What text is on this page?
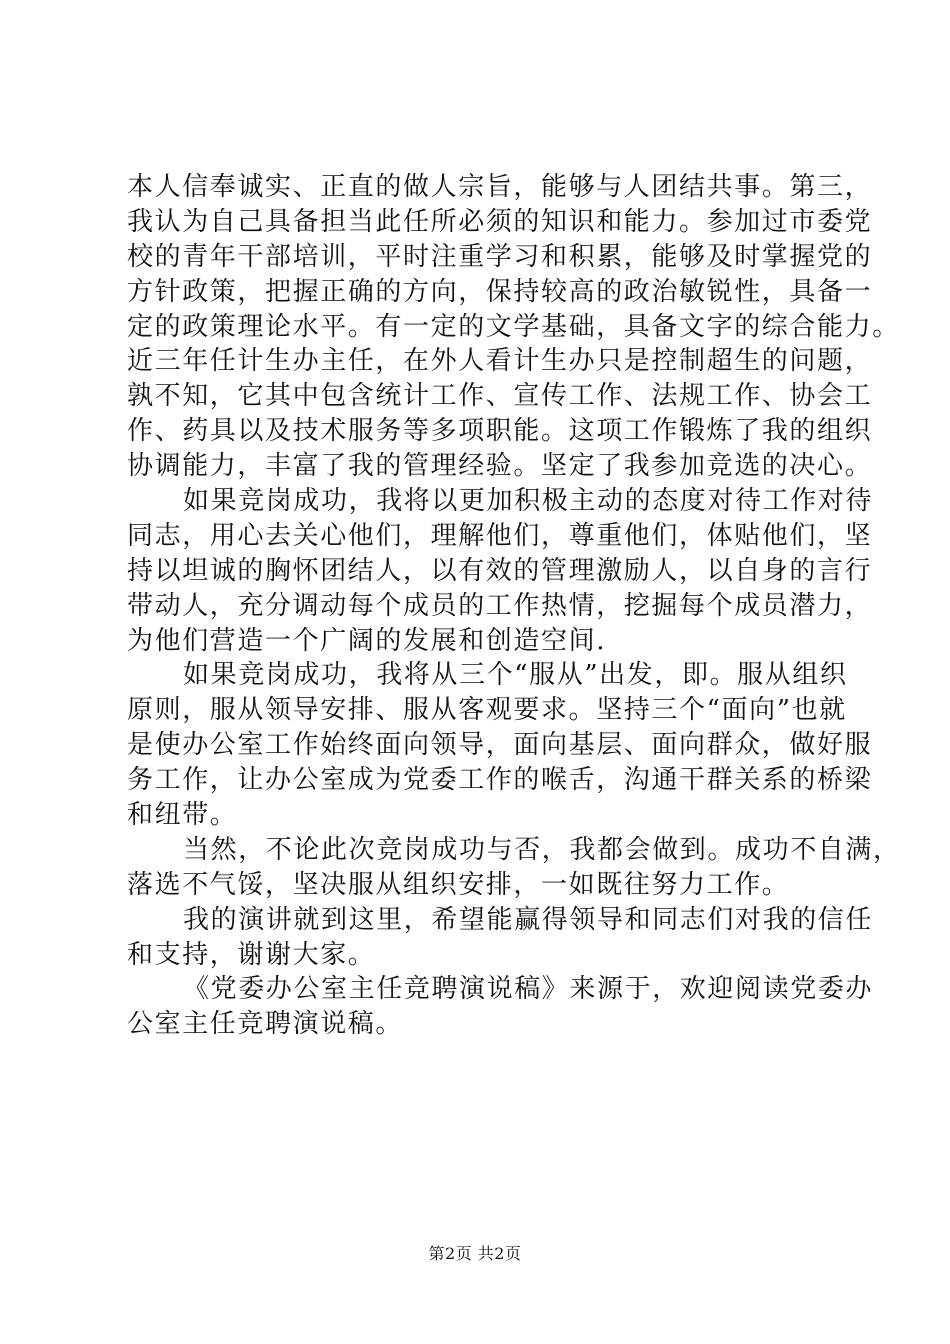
本人信奉诚实、正直的做人宗旨，能够与人团结共事。第三，
我认为自己具备担当此任所必须的知识和能力。参加过市委党
校的青年干部培训，平时注重学习和积累，能够及时掌握党的
方针政策，把握正确的方向，保持较高的政治敏锐性，具备一
定的政策理论水平。有一定的文学基础，具备文字的综合能力。
近三年任计生办主任，在外人看计生办只是控制超生的问题，
孰不知，它其中包含统计工作、宣传工作、法规工作、协会工
作、药具以及技术服务等多项职能。这项工作锻炼了我的组织
协调能力，丰富了我的管理经验。坚定了我参加竞选的决心。
如果竞岗成功，我将以更加积极主动的态度对待工作对待
同志，用心去关心他们，理解他们，尊重他们，体贴他们，坚
持以坦诚的胸怀团结人，以有效的管理激励人，以自身的言行
带动人，充分调动每个成员的工作热情，挖掘每个成员潜力，
为他们营造一个广阔的发展和创造空间.
如果竞岗成功，我将从三个“服从”出发，即。服从组织
原则，服从领导安排、服从客观要求。坚持三个“面向”也就
是使办公室工作始终面向领导，面向基层、面向群众，做好服
务工作，让办公室成为党委工作的喉舌，沟通干群关系的桥梁
和纽带。
当然，不论此次竞岗成功与否，我都会做到。成功不自满，
落选不气馁，坚决服从组织安排，一如既往努力工作。
我的演讲就到这里，希望能赢得领导和同志们对我的信任
和支持，谢谢大家。
《党委办公室主任竞聘演说稿》来源于，欢迎阅读党委办
公室主任竞聘演说稿。
第2页 共2页
